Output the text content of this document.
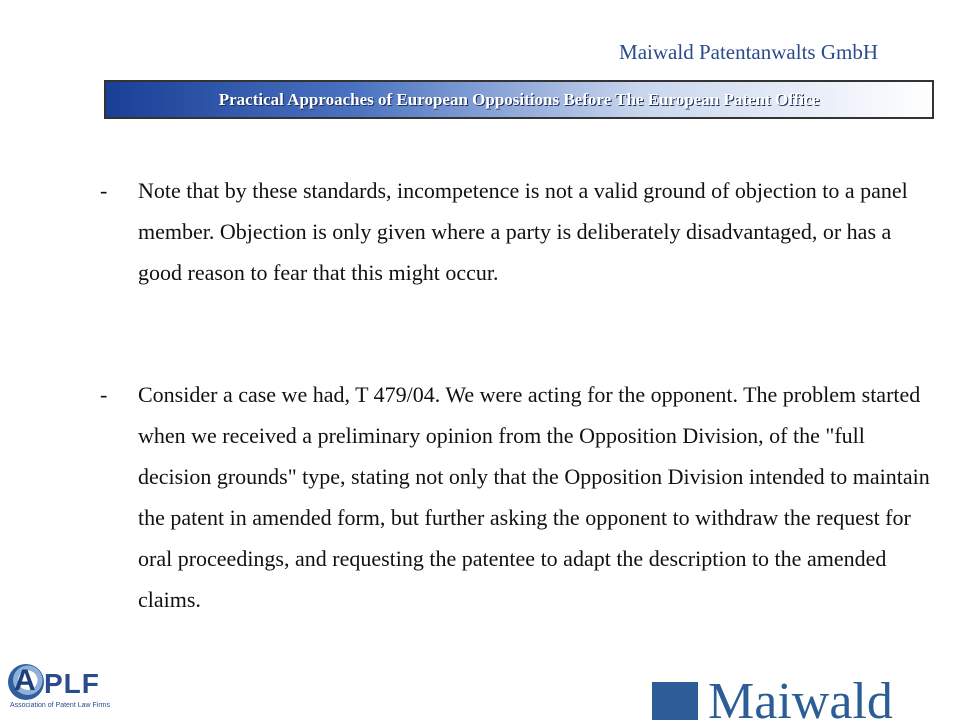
Maiwald Patentanwalts GmbH
Practical Approaches of European Oppositions Before The European Patent Office
-	Note that by these standards, incompetence is not a valid ground of objection to a panel member. Objection is only given where a party is deliberately disadvantaged, or has a good reason to fear that this might occur.
-	Consider a case we had, T 479/04. We were acting for the opponent. The problem started when we received a preliminary opinion from the Opposition Division, of the "full decision grounds" type, stating not only that the Opposition Division intended to maintain the patent in amended form, but further asking the opponent to withdraw the request for oral proceedings, and requesting the patentee to adapt the description to the amended claims.
A PLF
Association of Patent Law Firms	Maiwald
